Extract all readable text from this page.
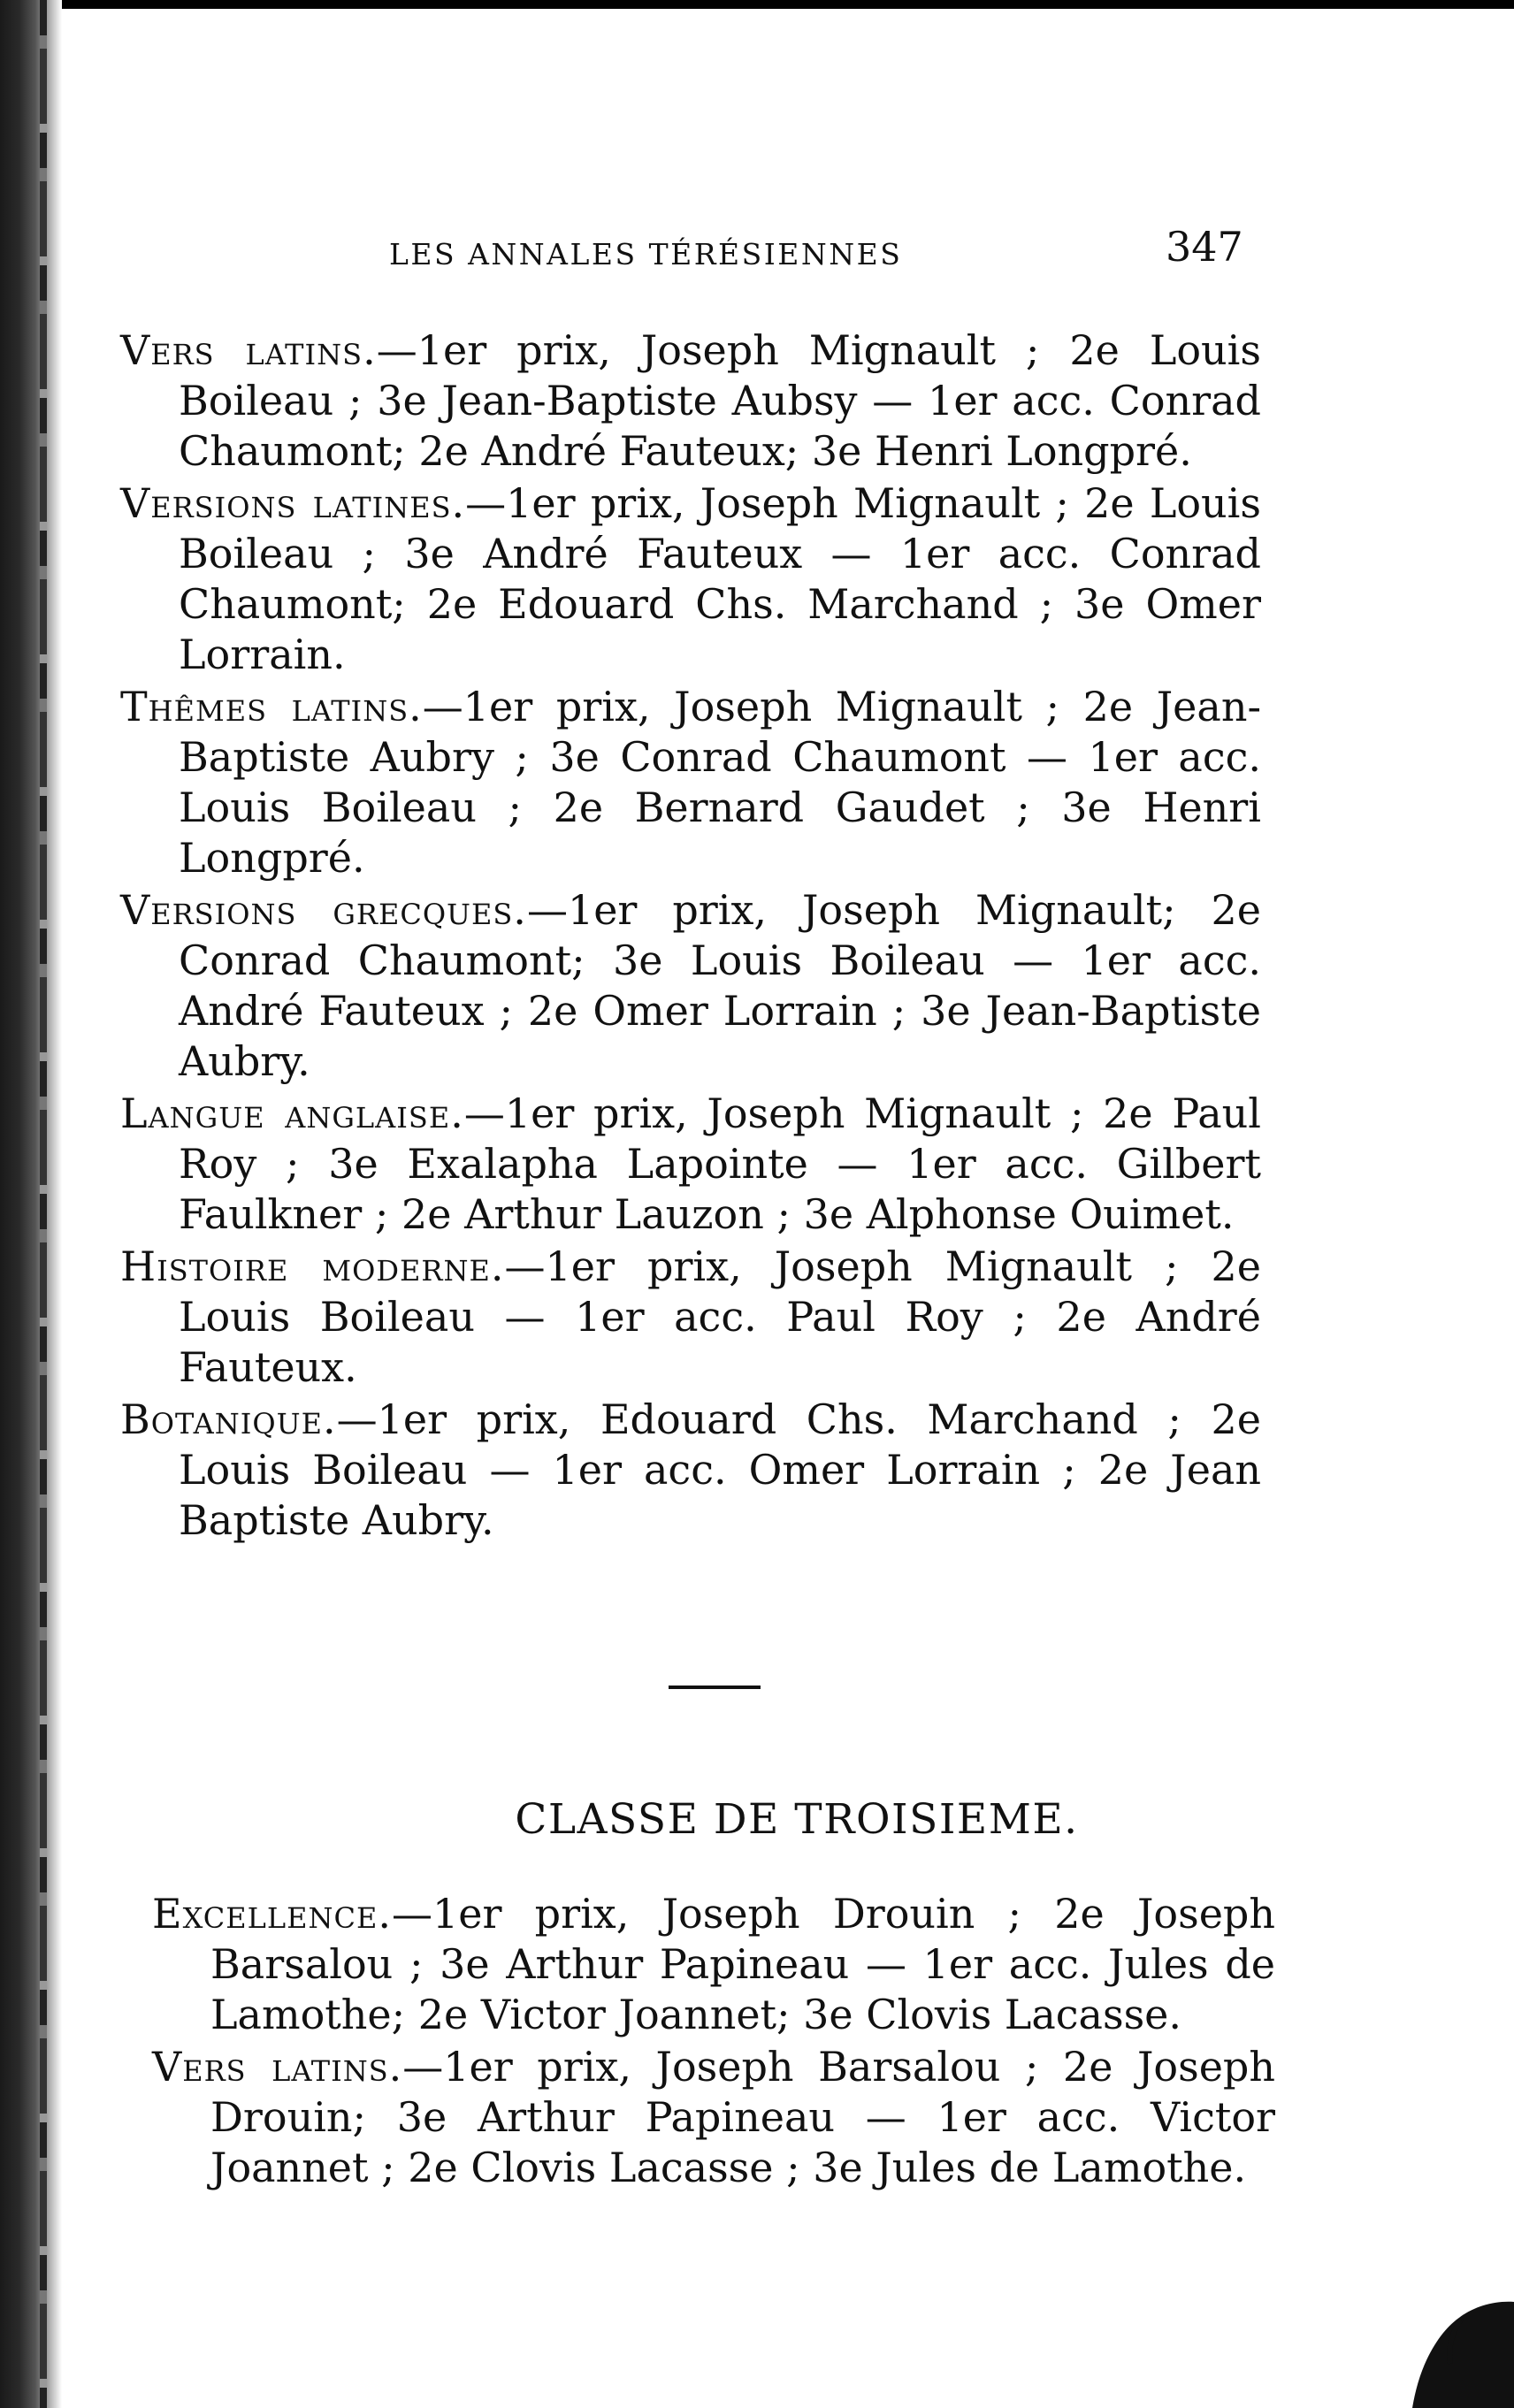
LES ANNALES TÉRÉSIENNES	347

Vers latins.—1er prix, Joseph Mignault ; 2e Louis Boileau ; 3e Jean-Baptiste Aubsy — 1er acc. Conrad Chaumont; 2e André Fauteux; 3e Henri Longpré.

Versions latines.—1er prix, Joseph Mignault ; 2e Louis Boileau ; 3e André Fauteux — 1er acc. Conrad Chaumont; 2e Edouard Chs. Marchand ; 3e Omer Lorrain.

Thêmes latins.—1er prix, Joseph Mignault ; 2e Jean-Baptiste Aubry ; 3e Conrad Chaumont — 1er acc. Louis Boileau ; 2e Bernard Gaudet ; 3e Henri Longpré.

Versions grecques.—1er prix, Joseph Mignault; 2e Conrad Chaumont; 3e Louis Boileau — 1er acc. André Fauteux ; 2e Omer Lorrain ; 3e Jean-Baptiste Aubry.

Langue anglaise.—1er prix, Joseph Mignault ; 2e Paul Roy ; 3e Exalapha Lapointe — 1er acc. Gilbert Faulkner ; 2e Arthur Lauzon ; 3e Alphonse Ouimet.

Histoire moderne.—1er prix, Joseph Mignault ; 2e Louis Boileau — 1er acc. Paul Roy ; 2e André Fauteux.

Botanique.—1er prix, Edouard Chs. Marchand ; 2e Louis Boileau — 1er acc. Omer Lorrain ; 2e Jean Baptiste Aubry.

CLASSE DE TROISIEME.

Excellence.—1er prix, Joseph Drouin ; 2e Joseph Barsalou ; 3e Arthur Papineau — 1er acc. Jules de Lamothe; 2e Victor Joannet; 3e Clovis Lacasse.

Vers latins.—1er prix, Joseph Barsalou ; 2e Joseph Drouin; 3e Arthur Papineau — 1er acc. Victor Joannet ; 2e Clovis Lacasse ; 3e Jules de Lamothe.
